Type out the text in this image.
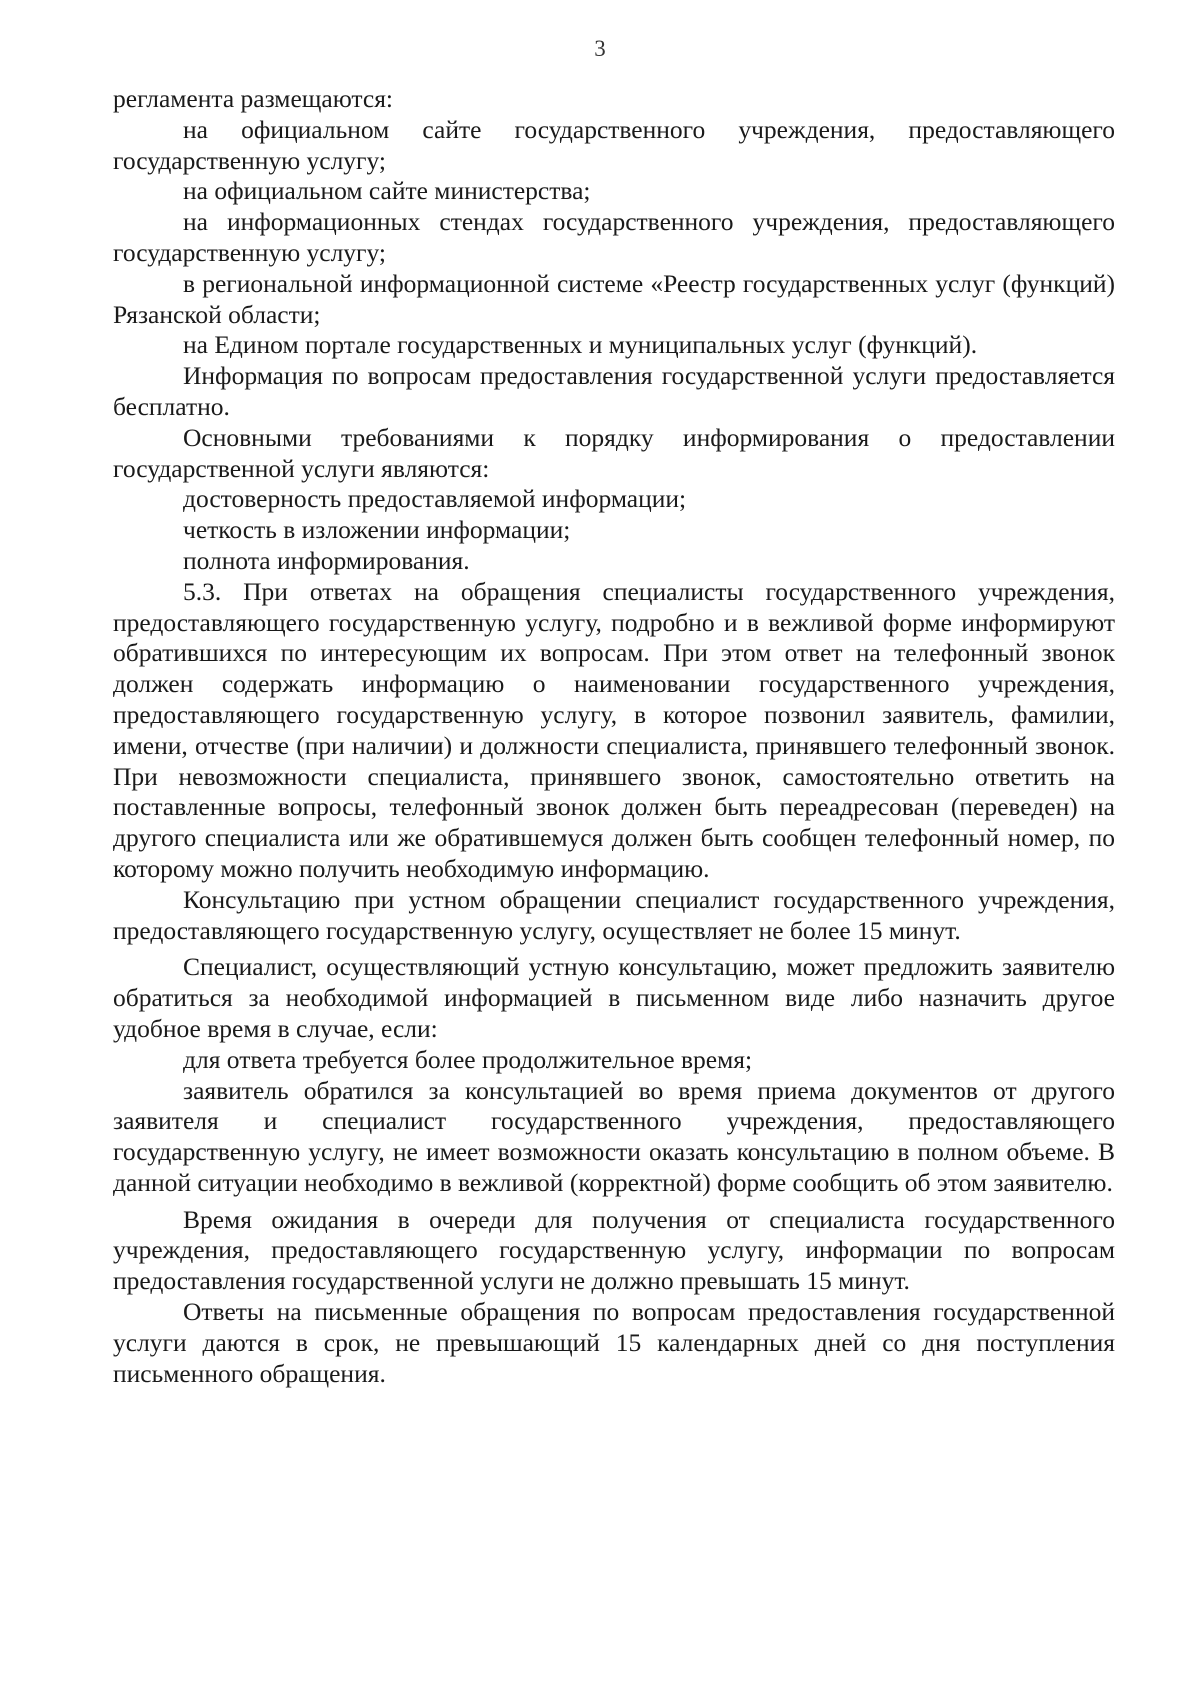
3

регламента размещаются:

на официальном сайте государственного учреждения, предоставляющего государственную услугу;

на официальном сайте министерства;

на информационных стендах государственного учреждения, предоставляющего государственную услугу;

в региональной информационной системе «Реестр государственных услуг (функций) Рязанской области;

на Едином портале государственных и муниципальных услуг (функций).

Информация по вопросам предоставления государственной услуги предоставляется бесплатно.

Основными требованиями к порядку информирования о предоставлении государственной услуги являются:

достоверность предоставляемой информации;

четкость в изложении информации;

полнота информирования.

5.3. При ответах на обращения специалисты государственного учреждения, предоставляющего государственную услугу, подробно и в вежливой форме информируют обратившихся по интересующим их вопросам. При этом ответ на телефонный звонок должен содержать информацию о наименовании государственного учреждения, предоставляющего государственную услугу, в которое позвонил заявитель, фамилии, имени, отчестве (при наличии) и должности специалиста, принявшего телефонный звонок. При невозможности специалиста, принявшего звонок, самостоятельно ответить на поставленные вопросы, телефонный звонок должен быть переадресован (переведен) на другого специалиста или же обратившемуся должен быть сообщен телефонный номер, по которому можно получить необходимую информацию.

Консультацию при устном обращении специалист государственного учреждения, предоставляющего государственную услугу, осуществляет не более 15 минут.

Специалист, осуществляющий устную консультацию, может предложить заявителю обратиться за необходимой информацией в письменном виде либо назначить другое удобное время в случае, если:

для ответа требуется более продолжительное время;

заявитель обратился за консультацией во время приема документов от другого заявителя и специалист государственного учреждения, предоставляющего государственную услугу, не имеет возможности оказать консультацию в полном объеме. В данной ситуации необходимо в вежливой (корректной) форме сообщить об этом заявителю.

Время ожидания в очереди для получения от специалиста государственного учреждения, предоставляющего государственную услугу, информации по вопросам предоставления государственной услуги не должно превышать 15 минут.

Ответы на письменные обращения по вопросам предоставления государственной услуги даются в срок, не превышающий 15 календарных дней со дня поступления письменного обращения.
